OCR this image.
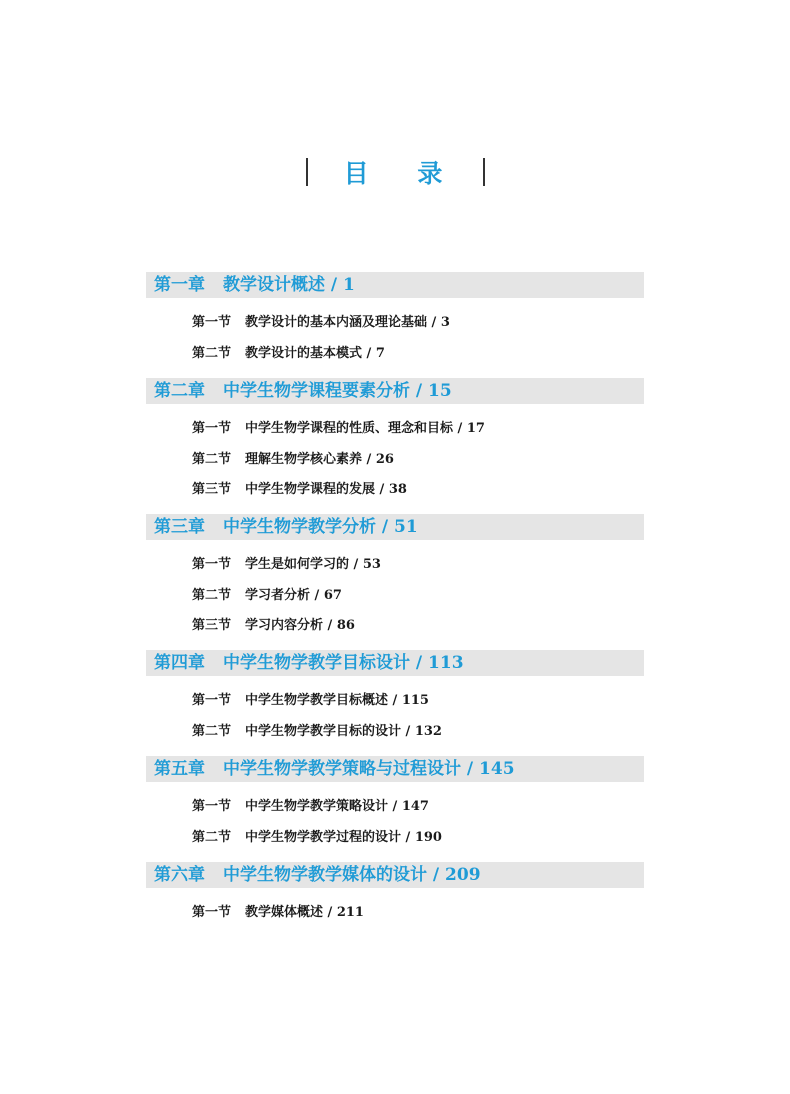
目 录
第一章 教学设计概述 / 1
第一节 教学设计的基本内涵及理论基础 / 3
第二节 教学设计的基本模式 / 7
第二章 中学生物学课程要素分析 / 15
第一节 中学生物学课程的性质、理念和目标 / 17
第二节 理解生物学核心素养 / 26
第三节 中学生物学课程的发展 / 38
第三章 中学生物学教学分析 / 51
第一节 学生是如何学习的 / 53
第二节 学习者分析 / 67
第三节 学习内容分析 / 86
第四章 中学生物学教学目标设计 / 113
第一节 中学生物学教学目标概述 / 115
第二节 中学生物学教学目标的设计 / 132
第五章 中学生物学教学策略与过程设计 / 145
第一节 中学生物学教学策略设计 / 147
第二节 中学生物学教学过程的设计 / 190
第六章 中学生物学教学媒体的设计 / 209
第一节 教学媒体概述 / 211
